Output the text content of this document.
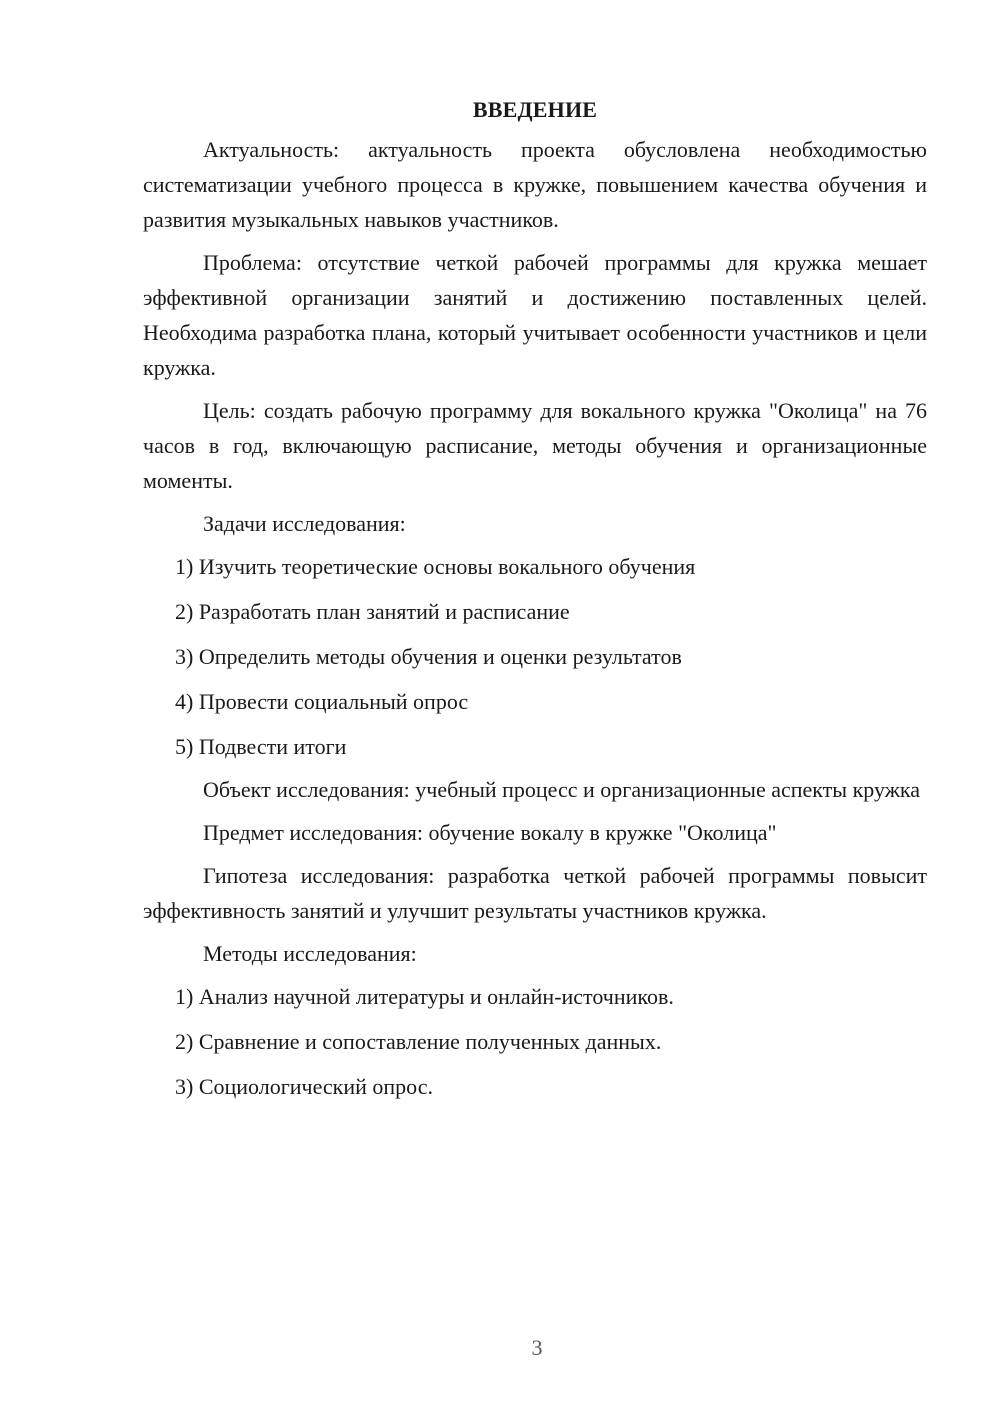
ВВЕДЕНИЕ

Актуальность: актуальность проекта обусловлена необходимостью систематизации учебного процесса в кружке, повышением качества обучения и развития музыкальных навыков участников.

Проблема: отсутствие четкой рабочей программы для кружка мешает эффективной организации занятий и достижению поставленных целей. Необходима разработка плана, который учитывает особенности участников и цели кружка.

Цель: создать рабочую программу для вокального кружка "Околица" на 76 часов в год, включающую расписание, методы обучения и организационные моменты.

Задачи исследования:

1) Изучить теоретические основы вокального обучения
2) Разработать план занятий и расписание
3) Определить методы обучения и оценки результатов
4) Провести социальный опрос
5) Подвести итоги

Объект исследования: учебный процесс и организационные аспекты кружка

Предмет исследования: обучение вокалу в кружке "Околица"

Гипотеза исследования: разработка четкой рабочей программы повысит эффективность занятий и улучшит результаты участников кружка.

Методы исследования:

1) Анализ научной литературы и онлайн-источников.
2) Сравнение и сопоставление полученных данных.
3) Социологический опрос.
3
